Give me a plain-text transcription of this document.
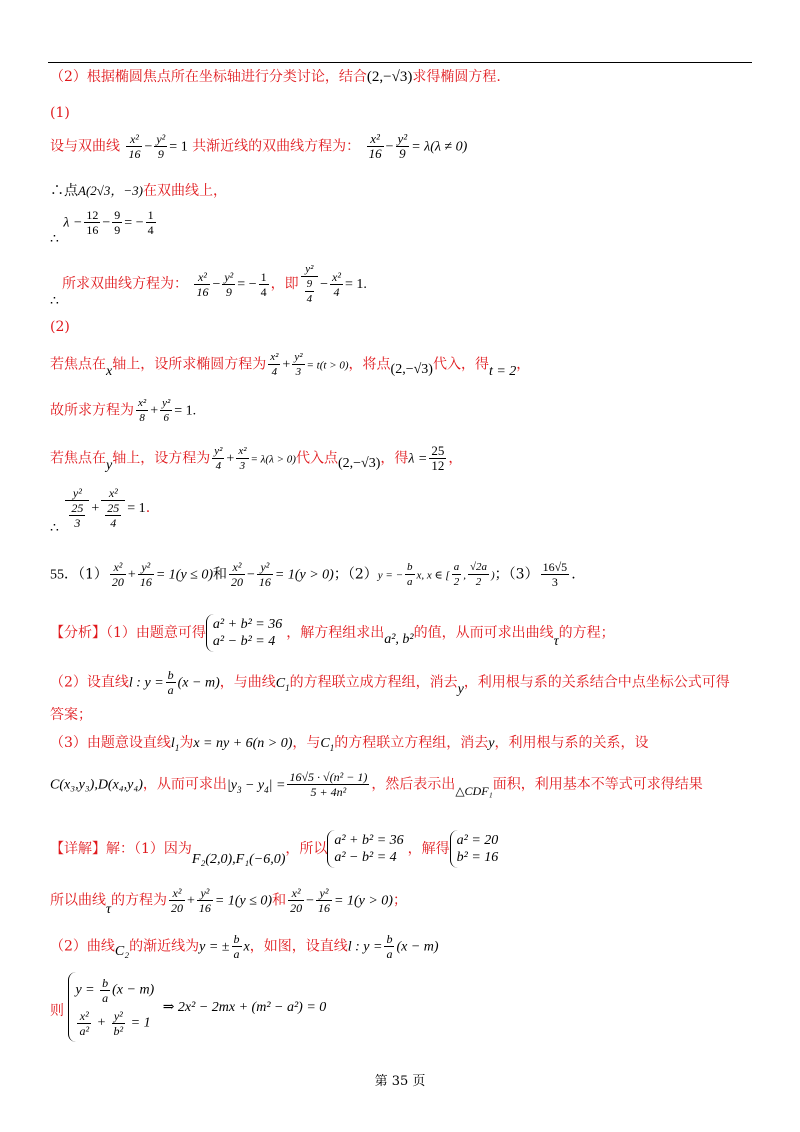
（2）根据椭圆焦点所在坐标轴进行分类讨论，结合(2,−√3)求得椭圆方程.
(1)
设与双曲线 $\frac{\text{x²}}{16} - \frac{\text{y²}}{9} = 1$ 共渐近线的双曲线方程为： $\frac{\text{x²}}{16} - \frac{\text{y²}}{9} = \lambda(\lambda \ne 0)$
∴点A(2√3，−3)在双曲线上，
∴ $\lambda - \frac{12}{16} - \frac{9}{9}$ = − $\frac{1}{4}$
所求双曲线方程为： $\frac{\text{x²}}{16} - \frac{\text{y²}}{9}$ = − $\frac{1}{4}$ ，即 $\frac{\text{y²}}{\frac{9}{4}} - \frac{\text{x²}}{4} = 1$.
∴
(2)
若焦点在x轴上，设所求椭圆方程为 $\frac{\text{x²}}{4} + \frac{\text{y²}}{3} = t(t > 0)$，将点(2,−√3)代入，得t = 2，
故所求方程为 $\frac{\text{x²}}{8} + \frac{\text{y²}}{6} = 1$.
若焦点在y轴上，设方程为 $\frac{\text{y²}}{4} + \frac{\text{x²}}{3} = \lambda(\lambda > 0)$代入点(2,−√3)，得$\lambda = \frac{25}{12}$ ，
∴ $\frac{\text{y²}}{\frac{25}{3}} + \frac{\text{x²}}{\frac{25}{4}} = 1$.
55．$(1) \frac{\text{x²}}{20} + \frac{\text{y²}}{16} = 1(y \le 0)$和 $\frac{\text{x²}}{20} - \frac{\text{y²}}{16} = 1(y > 0)$；（2）y = − $\frac{b}{a} x$, x ∈ [ $\frac{a}{2}$ , $\frac{√2a}{2}$ )；$(3) \frac{16√5}{3}$ .
【分析】（1）由题意可得
a² + b² = 36
a² − b² = 4
，解方程组求出a², b²的值，从而可求出曲线τ的方程；
（2）设直线l : $y = \frac{b}{a} (x - m)$，与曲线$C_1$的方程联立成方程组，消去y，利用根与系的关系结合中点坐标公式可得
答案；
（3）由题意设直线$l_1$为x = ny + 6(n > 0)，与$C_1$的方程联立方程组，消去y，利用根与系的关系，设
C(x₃,y₃),D(x₄,y₄)，从而可求出$|y_3 - y_4| = \frac{\text{16√5 · √(n² − 1)}}{\text{5 + 4n²}}$ ，然后表示出△CDF₁面积，利用基本不等式可求得结果
【详解】解：（1）因为F₂(2,0),F₁(−6,0)，所以
a² + b² = 36
a² − b² = 4
，解得
a² = 20
b² = 16
所以曲线τ的方程为 $\frac{\text{x²}}{20} + \frac{\text{y²}}{16} = 1(y \le 0)$和 $\frac{\text{x²}}{20} - \frac{\text{y²}}{16} = 1(y > 0)$；
（2）曲线C₂的渐近线为y = ± $\frac{b}{a}$ x，如图，设直线l : $y = \frac{b}{a} (x - m)$
则
$y = \frac{b}{a} (x - m)$
$\frac{\text{x²}}{\text{a²}} + \frac{\text{y²}}{\text{b²}} = 1$
⇒ 2x² − 2mx + (m² − a²) = 0
第 35 页
